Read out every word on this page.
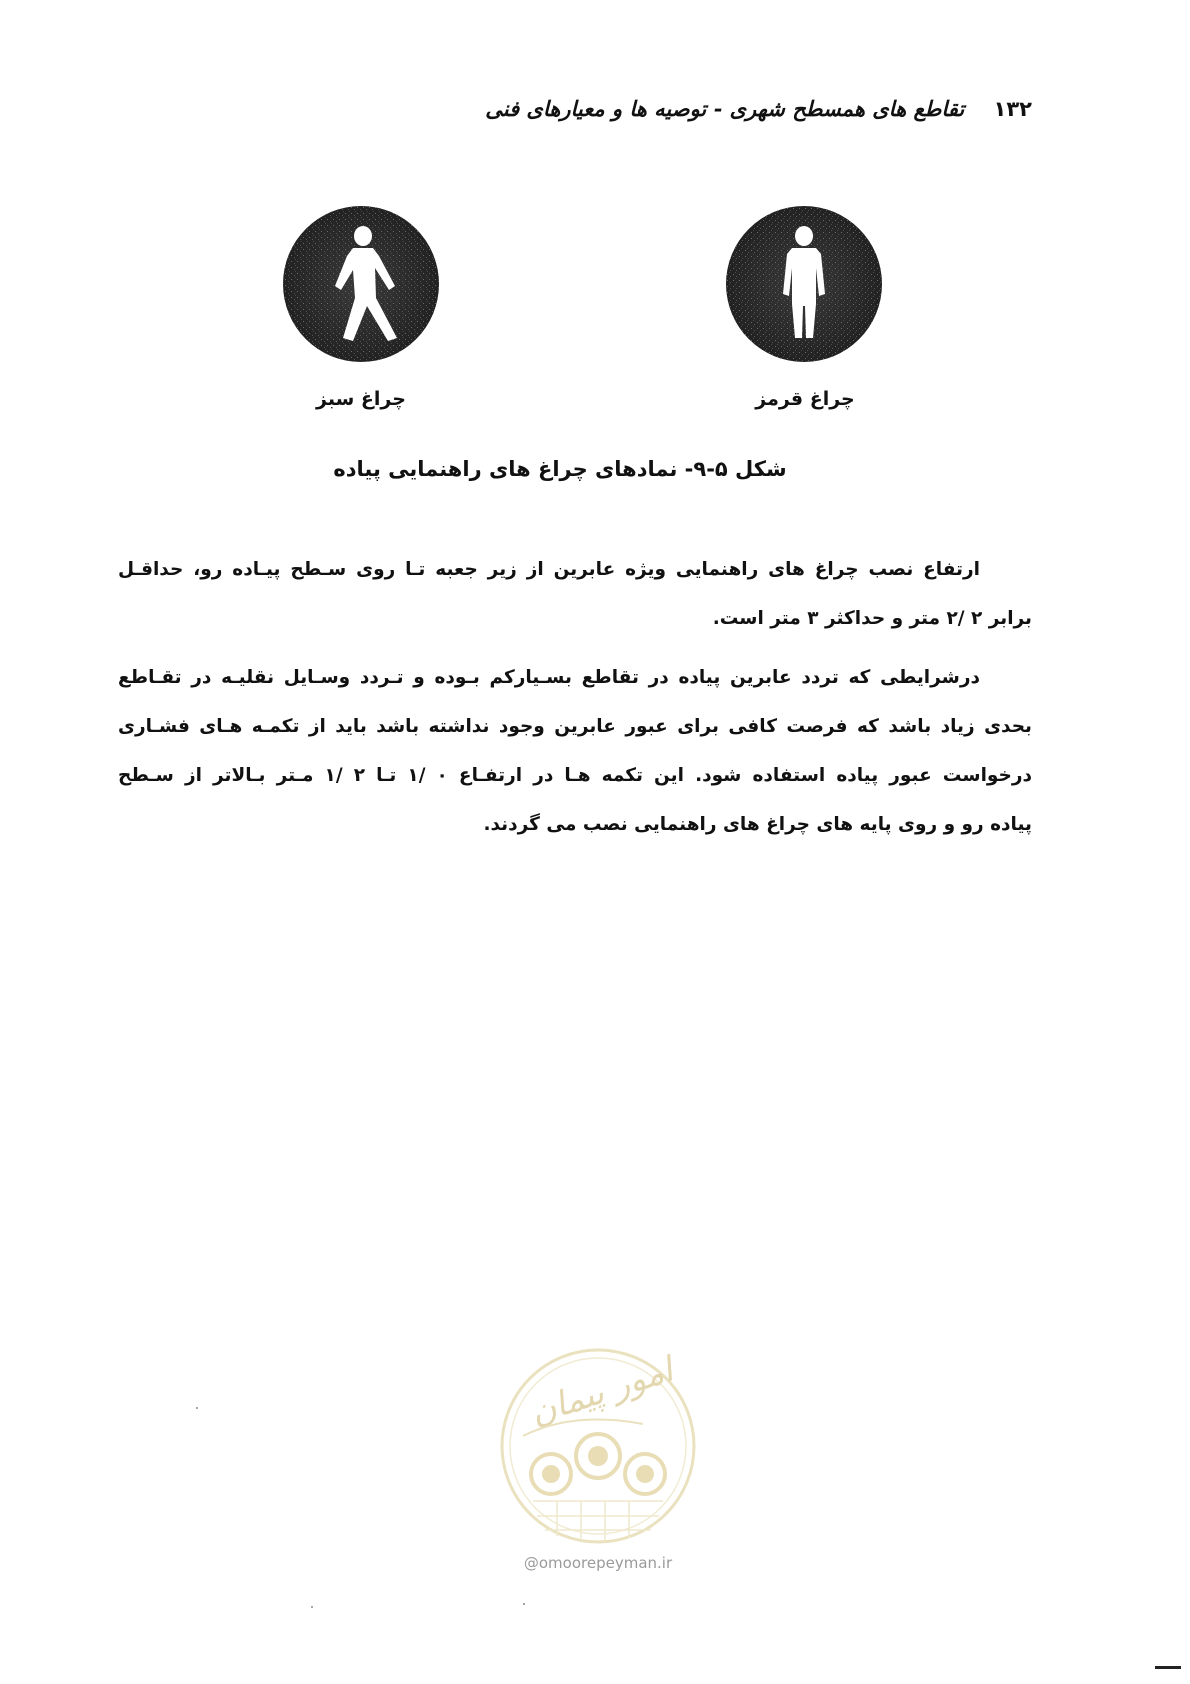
۱۳۲ تقاطع های همسطح شهری - توصیه ها و معیارهای فنی
چراغ قرمز
چراغ سبز
شکل ۵-۹- نمادهای چراغ های راهنمایی پیاده
ارتفاع نصب چراغ های راهنمایی ویژه عابرین از زیر جعبه تـا روی سـطح پیـاده رو، حداقـل
برابر ۲ /۲ متر و حداکثر ۳ متر است.
درشرایطی که تردد عابرین پیاده در تقاطع بسـیارکم بـوده و تـردد وسـایل نقلیـه در تقـاطع
بحدی زیاد باشد که فرصت کافی برای عبور عابرین وجود نداشته باشد باید از تکمـه هـای فشـاری
درخواست عبور پیاده استفاده شود. این تکمه هـا در ارتفـاع ۰ /۱ تـا ۲ /۱ مـتر بـالاتر از سـطح
پیاده رو و روی پایه های چراغ های راهنمایی نصب می گردند.
امور پیمان
@omoorepeyman.ir
